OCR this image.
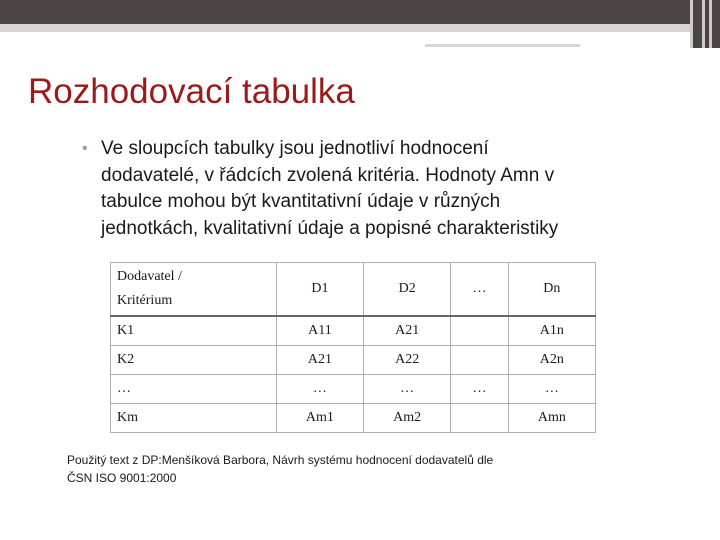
Rozhodovací tabulka
• Ve sloupcích tabulky jsou jednotliví hodnocení
dodavatelé, v řádcích zvolená kritéria. Hodnoty Amn v
tabulce mohou být kvantitativní údaje v různých
jednotkách, kvalitativní údaje a popisné charakteristiky

Dodavatel /
Kritérium	D1	D2	…	Dn
K1	A11	A21		A1n
K2	A21	A22		A2n
…	…	…	…	…
Km	Am1	Am2		Amn

Použitý text z DP:Menšíková Barbora, Návrh systému hodnocení dodavatelů dle
ČSN ISO 9001:2000
